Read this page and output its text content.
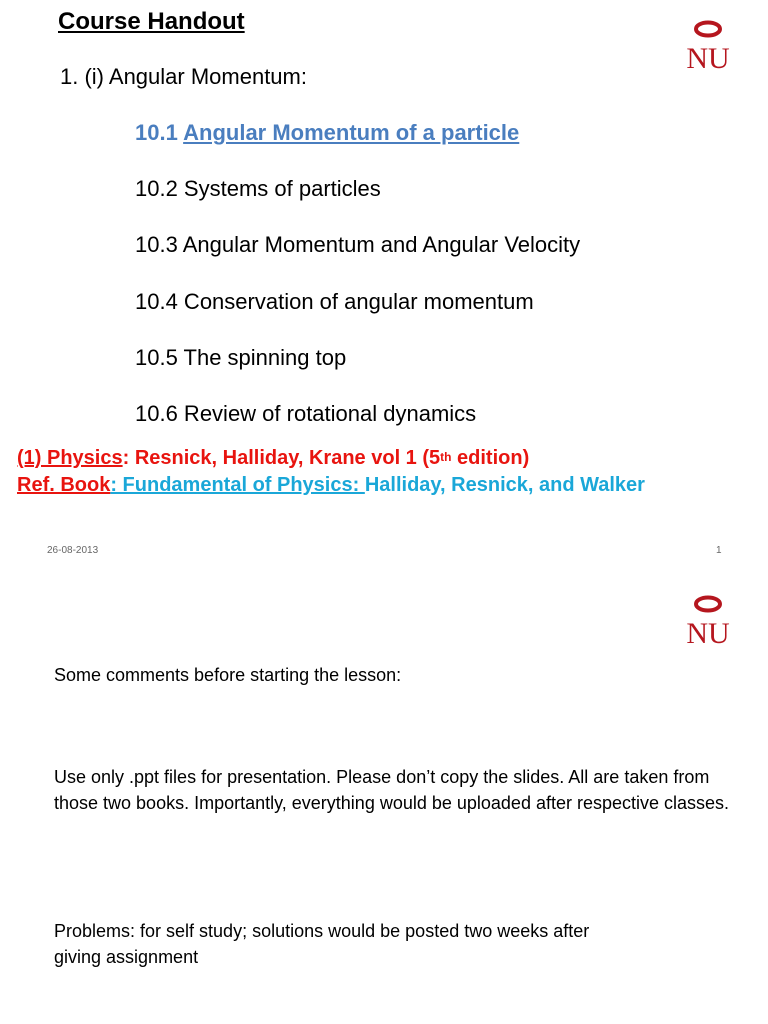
Course Handout
NU
1. (i) Angular Momentum:
10.1 Angular Momentum of a particle
10.2 Systems of particles
10.3 Angular Momentum and Angular Velocity
10.4 Conservation of angular momentum
10.5 The spinning top
10.6 Review of rotational dynamics
(1) Physics: Resnick, Halliday, Krane vol 1 (5th edition)
Ref. Book: Fundamental of Physics: Halliday, Resnick, and Walker
26-08-2013	1
NU
Some comments before starting the lesson:
Use only .ppt files for presentation. Please don’t copy the slides. All are taken from those two books. Importantly, everything would be uploaded after respective classes.
Problems: for self study; solutions would be posted two weeks after giving assignment
